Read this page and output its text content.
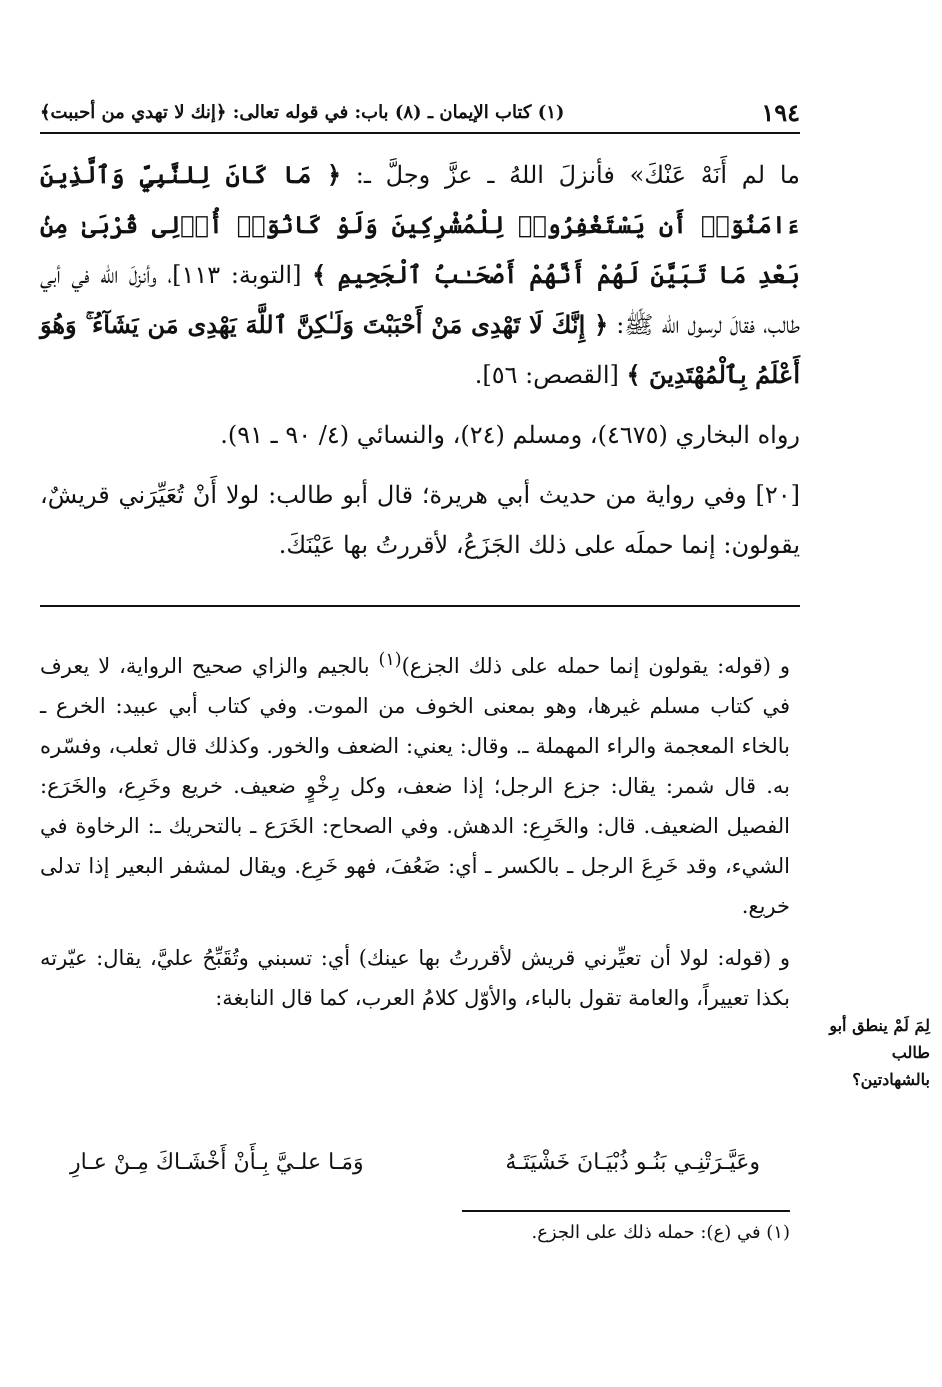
١٩٤
(١) كتاب الإيمان ـ (٨) باب: في قوله تعالى: ﴿إنك لا تهدي من أحببت﴾

ما لم أَنَهْ عَنْكَ» فأنزلَ اللهُ ـ عزَّ وجلَّ ـ: ﴿ مَا كَانَ لِلنَّبِيِّ وَٱلَّذِينَ ءَامَنُوٓا۟ أَن يَسْتَغْفِرُوا۟ لِلْمُشْرِكِينَ وَلَوْ كَانُوٓا۟ أُو۟لِى قُرْبَىٰ مِنۢ بَعْدِ مَا تَبَيَّنَ لَهُمْ أَنَّهُمْ أَصْحَـٰبُ ٱلْجَحِيمِ ﴾ [التوبة: ١١٣]، وأنزلَ الله في أبي طالب، فقالَ لرسول الله ﷺ: ﴿ إِنَّكَ لَا تَهْدِى مَنْ أَحْبَبْتَ وَلَـٰكِنَّ ٱللَّهَ يَهْدِى مَن يَشَآءُ ۚ وَهُوَ أَعْلَمُ بِٱلْمُهْتَدِينَ ﴾ [القصص: ٥٦].

رواه البخاري (٤٦٧٥)، ومسلم (٢٤)، والنسائي (٤/ ٩٠ ـ ٩١).

[٢٠] وفي رواية من حديث أبي هريرة؛ قال أبو طالب: لولا أَنْ تُعَيِّرَني قريشٌ، يقولون: إنما حملَه على ذلك الجَزَعُ، لأقررتُ بها عَيْنَكَ.

و (قوله: يقولون إنما حمله على ذلك الجزع)$^{(١)}$ بالجيم والزاي صحيح الرواية، لا يعرف في كتاب مسلم غيرها، وهو بمعنى الخوف من الموت. وفي كتاب أبي عبيد: الخرع ـ بالخاء المعجمة والراء المهملة ـ. وقال: يعني: الضعف والخور. وكذلك قال ثعلب، وفسّره به. قال شمر: يقال: جزع الرجل؛ إذا ضعف، وكل رِخْوٍ ضعيف. خريع وخَرِع، والخَرَع: الفصيل الضعيف. قال: والخَرِع: الدهش. وفي الصحاح: الخَرَع ـ بالتحريك ـ: الرخاوة في الشيء، وقد خَرِعَ الرجل ـ بالكسر ـ أي: ضَعُفَ، فهو خَرِع. ويقال لمشفر البعير إذا تدلى خريع.

و (قوله: لولا أن تعيِّرني قريش لأقررتُ بها عينك) أي: تسبني وتُقَبِّحُ عليَّ، يقال: عيّرته بكذا تعييراً، والعامة تقول بالباء، والأوّل كلامُ العرب، كما قال النابغة:

لِمَ لَمْ ينطق أبو طالب بالشهادتين؟
وعَيَّـرَتْنِـي بَنُـو ذُبْيَـانَ خَشْيَتَـهُ
وَمَـا علـيَّ بِـأَنْ أَخْشَـاكَ مِـنْ عـارِ
(١) في (ع): حمله ذلك على الجزع.
